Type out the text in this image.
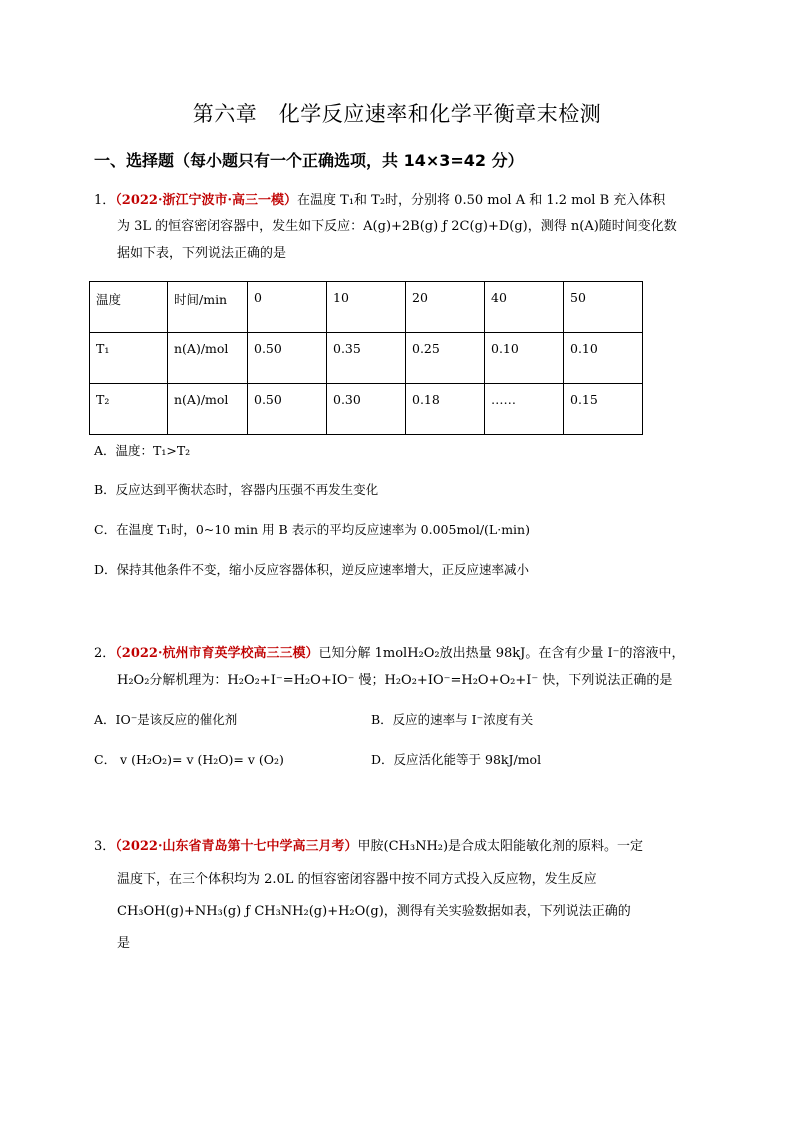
第六章　化学反应速率和化学平衡章末检测
一、选择题（每小题只有一个正确选项，共 14×3=42 分）
1．（2022·浙江宁波市·高三一模）在温度 T₁和 T₂时，分别将 0.50 mol A 和 1.2 mol B 充入体积
为 3L 的恒容密闭容器中，发生如下反应：A(g)+2B(g) ƒ 2C(g)+D(g)，测得 n(A)随时间变化数
据如下表，下列说法正确的是
温度	时间/min	0	10	20	40	50
T₁	n(A)/mol	0.50	0.35	0.25	0.10	0.10
T₂	n(A)/mol	0.50	0.30	0.18	……	0.15
A．温度：T₁>T₂
B．反应达到平衡状态时，容器内压强不再发生变化
C．在温度 T₁时，0~10 min 用 B 表示的平均反应速率为 0.005mol/(L·min)
D．保持其他条件不变，缩小反应容器体积，逆反应速率增大，正反应速率减小
2．（2022·杭州市育英学校高三三模）已知分解 1molH₂O₂放出热量 98kJ。在含有少量 I⁻的溶液中，
H₂O₂分解机理为：H₂O₂+I⁻=H₂O+IO⁻ 慢；H₂O₂+IO⁻=H₂O+O₂+I⁻ 快，下列说法正确的是
A．IO⁻是该反应的催化剂	B．反应的速率与 I⁻浓度有关
C． v (H₂O₂)= v (H₂O)= v (O₂)	D．反应活化能等于 98kJ/mol
3．（2022·山东省青岛第十七中学高三月考）甲胺(CH₃NH₂)是合成太阳能敏化剂的原料。一定
温度下，在三个体积均为 2.0L 的恒容密闭容器中按不同方式投入反应物，发生反应
CH₃OH(g)+NH₃(g) ƒ CH₃NH₂(g)+H₂O(g)，测得有关实验数据如表，下列说法正确的
是
